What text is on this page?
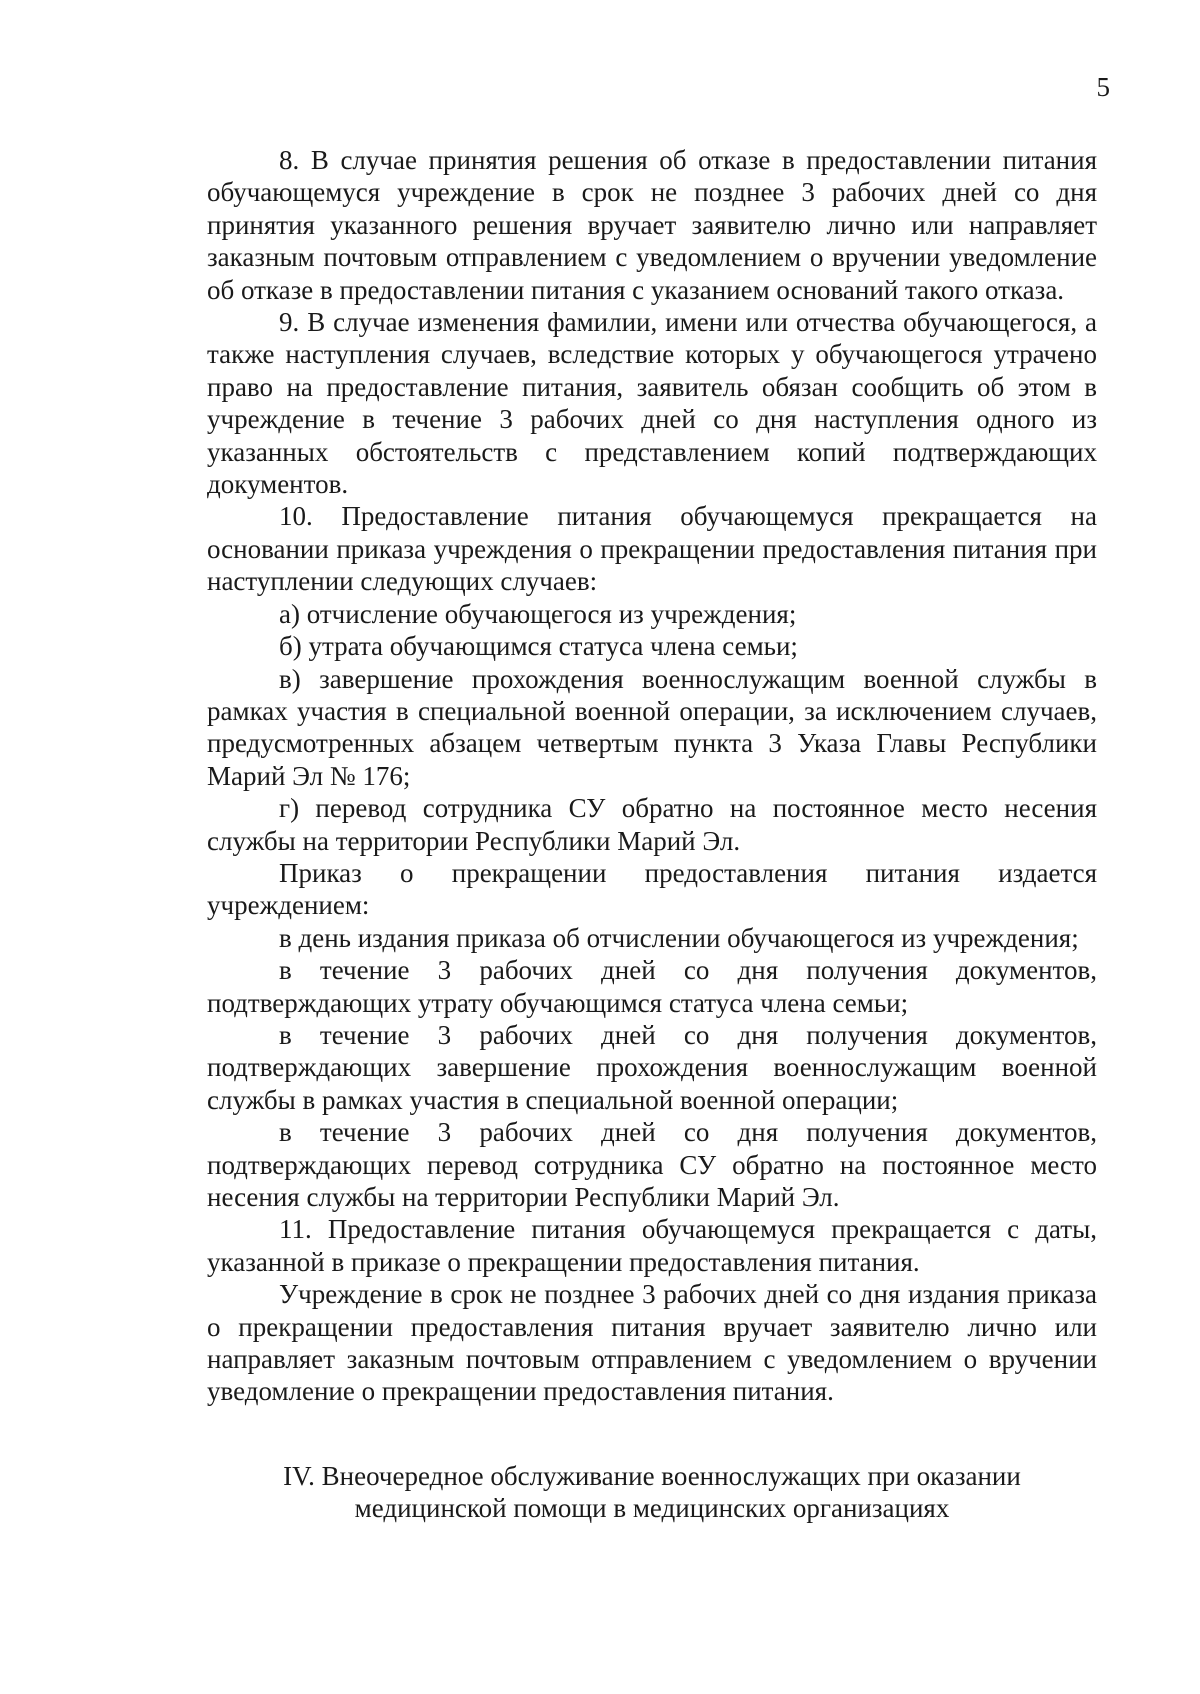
5

8. В случае принятия решения об отказе в предоставлении питания обучающемуся учреждение в срок не позднее 3 рабочих дней со дня принятия указанного решения вручает заявителю лично или направляет заказным почтовым отправлением с уведомлением о вручении уведомление об отказе в предоставлении питания с указанием оснований такого отказа.

9. В случае изменения фамилии, имени или отчества обучающегося, а также наступления случаев, вследствие которых у обучающегося утрачено право на предоставление питания, заявитель обязан сообщить об этом в учреждение в течение 3 рабочих дней со дня наступления одного из указанных обстоятельств с представлением копий подтверждающих документов.

10. Предоставление питания обучающемуся прекращается на основании приказа учреждения о прекращении предоставления питания при наступлении следующих случаев:

а) отчисление обучающегося из учреждения;

б) утрата обучающимся статуса члена семьи;

в) завершение прохождения военнослужащим военной службы в рамках участия в специальной военной операции, за исключением случаев, предусмотренных абзацем четвертым пункта 3 Указа Главы Республики Марий Эл № 176;

г) перевод сотрудника СУ обратно на постоянное место несения службы на территории Республики Марий Эл.

Приказ о прекращении предоставления питания издается учреждением:

в день издания приказа об отчислении обучающегося из учреждения;

в течение 3 рабочих дней со дня получения документов, подтверждающих утрату обучающимся статуса члена семьи;

в течение 3 рабочих дней со дня получения документов, подтверждающих завершение прохождения военнослужащим военной службы в рамках участия в специальной военной операции;

в течение 3 рабочих дней со дня получения документов, подтверждающих перевод сотрудника СУ обратно на постоянное место несения службы на территории Республики Марий Эл.

11. Предоставление питания обучающемуся прекращается с даты, указанной в приказе о прекращении предоставления питания.

Учреждение в срок не позднее 3 рабочих дней со дня издания приказа о прекращении предоставления питания вручает заявителю лично или направляет заказным почтовым отправлением с уведомлением о вручении уведомление о прекращении предоставления питания.

IV. Внеочередное обслуживание военнослужащих при оказании
медицинской помощи в медицинских организациях
